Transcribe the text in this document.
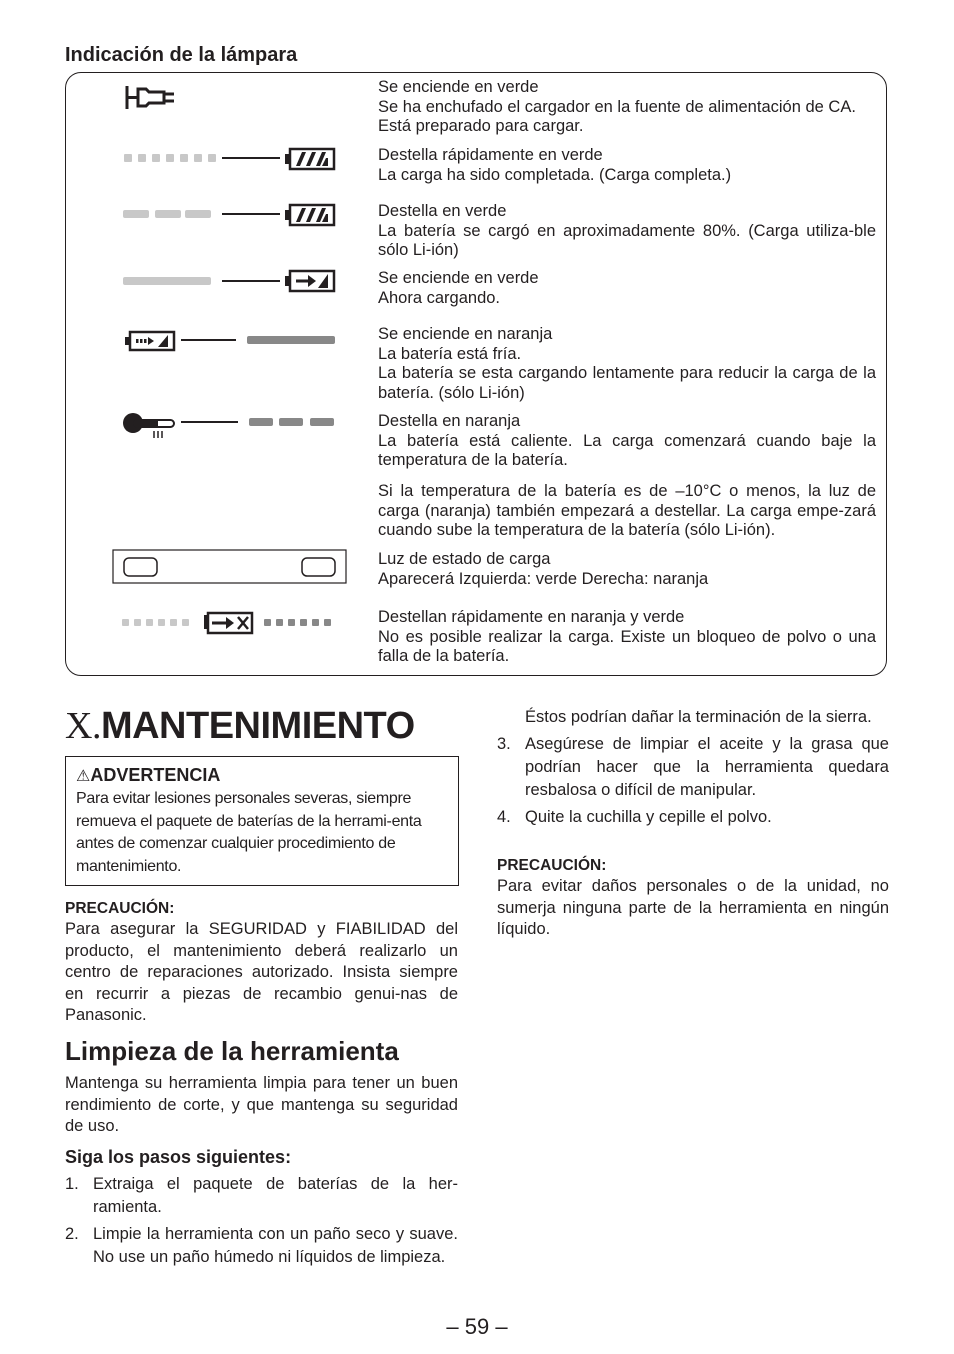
Indicación de la lámpara

Se enciende en verde

Se ha enchufado el cargador en la fuente de alimentación de CA. Está preparado para cargar.

Destella rápidamente en verde

La carga ha sido completada. (Carga completa.)

Destella en verde

La batería se cargó en aproximadamente 80%. (Carga utiliza-ble sólo Li-ión)

Se enciende en verde

Ahora cargando.

Se enciende en naranja

La batería está fría.

La batería se esta cargando lentamente para reducir la carga de la batería. (sólo Li-ión)

Destella en naranja

La batería está caliente. La carga comenzará cuando baje la temperatura de la batería.

Si la temperatura de la batería es de –10°C o menos, la luz de carga (naranja) también empezará a destellar. La carga empe-zará cuando sube la temperatura de la batería (sólo Li-ión).

Luz de estado de carga

Aparecerá Izquierda: verde Derecha: naranja

Destellan rápidamente en naranja y verde

No es posible realizar la carga. Existe un bloqueo de polvo o una falla de la batería.

X.MANTENIMIENTO
⚠ADVERTENCIA
Para evitar lesiones personales severas, siempre remueva el paquete de baterías de la herrami-enta antes de comenzar cualquier procedimiento de mantenimiento.
PRECAUCIÓN:
Para asegurar la SEGURIDAD y FIABILIDAD del producto, el mantenimiento deberá realizarlo un centro de reparaciones autorizado. Insista siempre en recurrir a piezas de recambio genui-nas de Panasonic.
Limpieza de la herramienta
Mantenga su herramienta limpia para tener un buen rendimiento de corte, y que mantenga su seguridad de uso.
Siga los pasos siguientes:
1. Extraiga el paquete de baterías de la her-ramienta.
2. Limpie la herramienta con un paño seco y suave. No use un paño húmedo ni líquidos de limpieza.
Éstos podrían dañar la terminación de la sierra.
3. Asegúrese de limpiar el aceite y la grasa que podrían hacer que la herramienta quedara resbalosa o difícil de manipular.
4. Quite la cuchilla y cepille el polvo.
PRECAUCIÓN:
Para evitar daños personales o de la unidad, no sumerja ninguna parte de la herramienta en ningún líquido.
– 59 –
